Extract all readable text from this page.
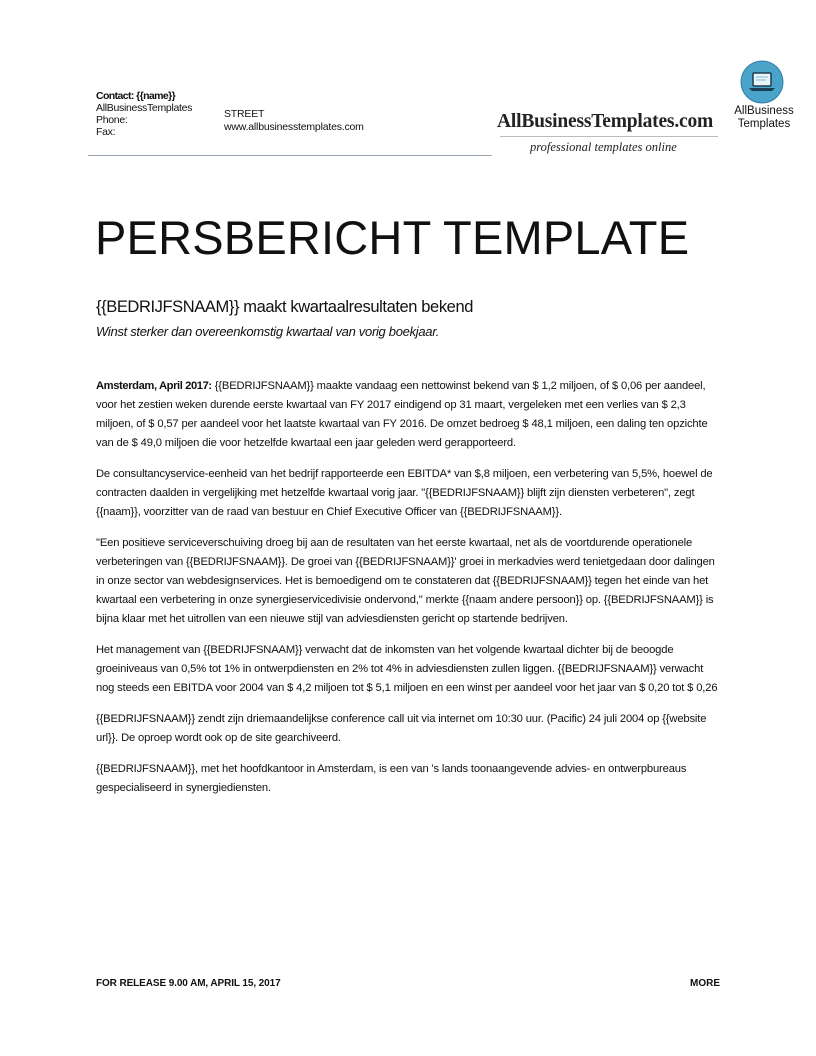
Contact: {{name}}
AllBusinessTemplates
Phone:
Fax:
STREET
www.allbusinesstemplates.com	AllBusinessTemplates.com
professional templates online
AllBusiness
Templates
PERSBERICHT TEMPLATE
{{BEDRIJFSNAAM}} maakt kwartaalresultaten bekend
Winst sterker dan overeenkomstig kwartaal van vorig boekjaar.

Amsterdam, April 2017: {{BEDRIJFSNAAM}} maakte vandaag een nettowinst bekend van $ 1,2 miljoen, of $ 0,06 per aandeel, voor het zestien weken durende eerste kwartaal van FY 2017 eindigend op 31 maart, vergeleken met een verlies van $ 2,3 miljoen, of $ 0,57 per aandeel voor het laatste kwartaal van FY 2016. De omzet bedroeg $ 48,1 miljoen, een daling ten opzichte van de $ 49,0 miljoen die voor hetzelfde kwartaal een jaar geleden werd gerapporteerd.

De consultancyservice-eenheid van het bedrijf rapporteerde een EBITDA* van $,8 miljoen, een verbetering van 5,5%, hoewel de contracten daalden in vergelijking met hetzelfde kwartaal vorig jaar. "{{BEDRIJFSNAAM}} blijft zijn diensten verbeteren", zegt {{naam}}, voorzitter van de raad van bestuur en Chief Executive Officer van {{BEDRIJFSNAAM}}.

"Een positieve serviceverschuiving droeg bij aan de resultaten van het eerste kwartaal, net als de voortdurende operationele verbeteringen van {{BEDRIJFSNAAM}}. De groei van {{BEDRIJFSNAAM}}' groei in merkadvies werd tenietgedaan door dalingen in onze sector van webdesignservices. Het is bemoedigend om te constateren dat {{BEDRIJFSNAAM}} tegen het einde van het kwartaal een verbetering in onze synergieservicedivisie ondervond," merkte {{naam andere persoon}} op. {{BEDRIJFSNAAM}} is bijna klaar met het uitrollen van een nieuwe stijl van adviesdiensten gericht op startende bedrijven.

Het management van {{BEDRIJFSNAAM}} verwacht dat de inkomsten van het volgende kwartaal dichter bij de beoogde groeiniveaus van 0,5% tot 1% in ontwerpdiensten en 2% tot 4% in adviesdiensten zullen liggen. {{BEDRIJFSNAAM}} verwacht nog steeds een EBITDA voor 2004 van $ 4,2 miljoen tot $ 5,1 miljoen en een winst per aandeel voor het jaar van $ 0,20 tot $ 0,26

{{BEDRIJFSNAAM}} zendt zijn driemaandelijkse conference call uit via internet om 10:30 uur. (Pacific) 24 juli 2004 op {{website url}}. De oproep wordt ook op de site gearchiveerd.

{{BEDRIJFSNAAM}}, met het hoofdkantoor in Amsterdam, is een van 's lands toonaangevende advies- en ontwerpbureaus gespecialiseerd in synergiediensten.

FOR RELEASE 9.00 AM, APRIL 15, 2017	MORE
